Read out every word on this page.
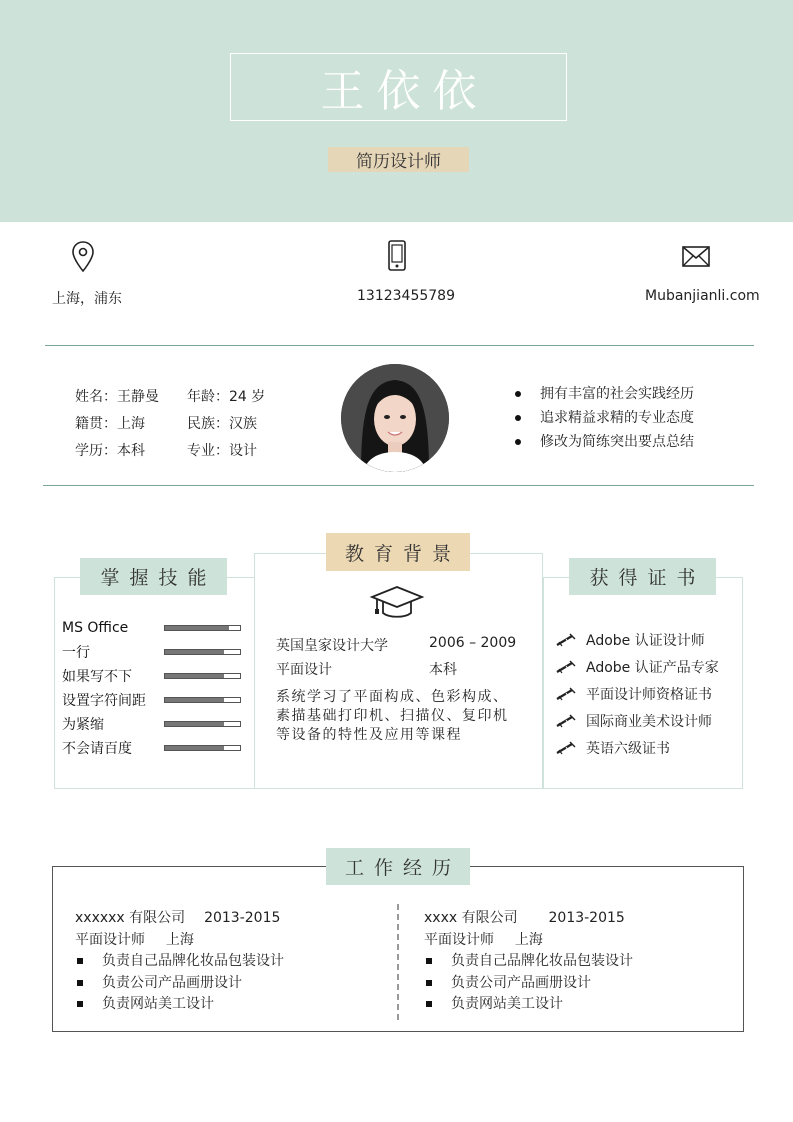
王依依
简历设计师
上海，浦东	13123455789	Mubanjianli.com
姓名：王静曼 年龄：24 岁
籍贯：上海	民族：汉族
学历：本科	专业：设计
拥有丰富的社会实践经历
追求精益求精的专业态度
修改为简练突出要点总结
掌握技能
MS Office
一行
如果写不下
设置字符间距
为紧缩
不会请百度
教育背景
英国皇家设计大学	2006 – 2009
平面设计	本科
系统学习了平面构成、色彩构成、素描基础打印机、扫描仪、复印机等设备的特性及应用等课程
获得证书
Adobe 认证设计师
Adobe 认证产品专家
平面设计师资格证书
国际商业美术设计师
英语六级证书
工作经历
xxxxxx 有限公司 2013-2015
平面设计师 上海
负责自己品牌化妆品包装设计
负责公司产品画册设计
负责网站美工设计
xxxx 有限公司 2013-2015
平面设计师 上海
负责自己品牌化妆品包装设计
负责公司产品画册设计
负责网站美工设计
